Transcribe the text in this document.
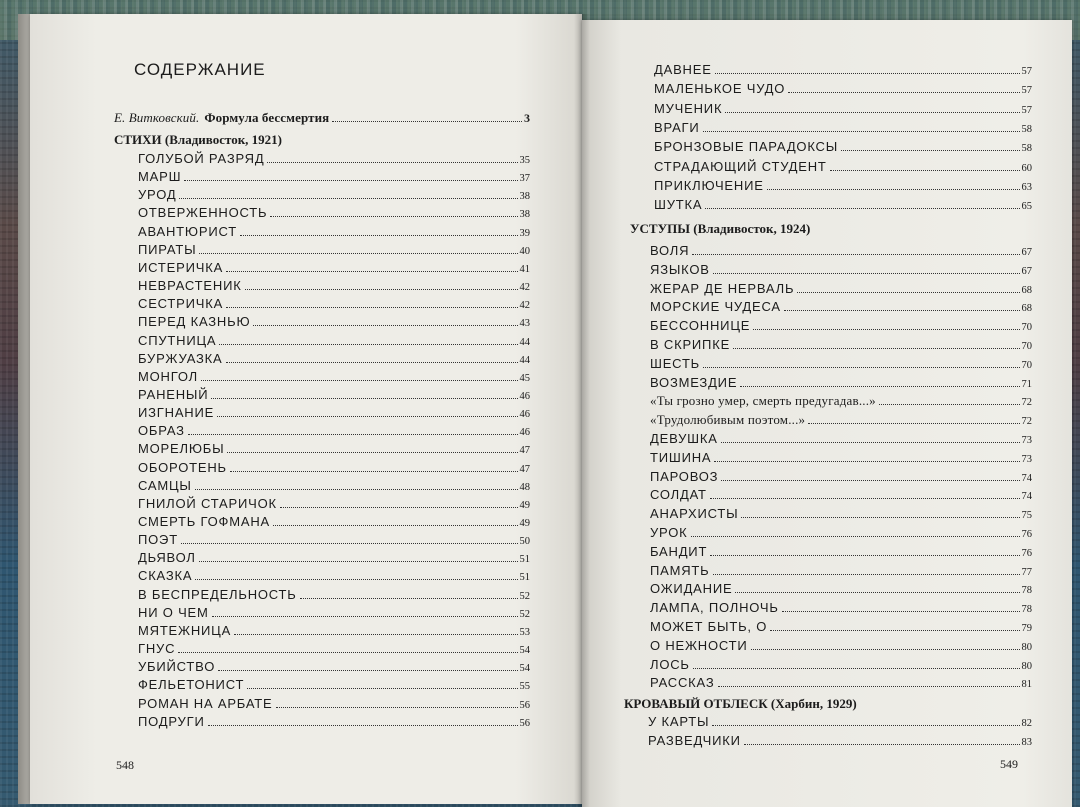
СОДЕРЖАНИЕ
Е. Витковский. Формула бессмертия	3
СТИХИ (Владивосток, 1921)
ГОЛУБОЙ РАЗРЯД	35
МАРШ	37
УРОД	38
ОТВЕРЖЕННОСТЬ	38
АВАНТЮРИСТ	39
ПИРАТЫ	40
ИСТЕРИЧКА	41
НЕВРАСТЕНИК	42
СЕСТРИЧКА	42
ПЕРЕД КАЗНЬЮ	43
СПУТНИЦА	44
БУРЖУАЗКА	44
МОНГОЛ	45
РАНЕНЫЙ	46
ИЗГНАНИЕ	46
ОБРАЗ	46
МОРЕЛЮБЫ	47
ОБОРОТЕНЬ	47
САМЦЫ	48
ГНИЛОЙ СТАРИЧОК	49
СМЕРТЬ ГОФМАНА	49
ПОЭТ	50
ДЬЯВОЛ	51
СКАЗКА	51
В БЕСПРЕДЕЛЬНОСТЬ	52
НИ О ЧЕМ	52
МЯТЕЖНИЦА	53
ГНУС	54
УБИЙСТВО	54
ФЕЛЬЕТОНИСТ	55
РОМАН НА АРБАТЕ	56
ПОДРУГИ	56
548
ДАВНЕЕ	57
МАЛЕНЬКОЕ ЧУДО	57
МУЧЕНИК	57
ВРАГИ	58
БРОНЗОВЫЕ ПАРАДОКСЫ	58
СТРАДАЮЩИЙ СТУДЕНТ	60
ПРИКЛЮЧЕНИЕ	63
ШУТКА	65
УСТУПЫ (Владивосток, 1924)
ВОЛЯ	67
ЯЗЫКОВ	67
ЖЕРАР ДЕ НЕРВАЛЬ	68
МОРСКИЕ ЧУДЕСА	68
БЕССОННИЦЕ	70
В СКРИПКЕ	70
ШЕСТЬ	70
ВОЗМЕЗДИЕ	71
«Ты грозно умер, смерть предугадав...»	72
«Трудолюбивым поэтом...»	72
ДЕВУШКА	73
ТИШИНА	73
ПАРОВОЗ	74
СОЛДАТ	74
АНАРХИСТЫ	75
УРОК	76
БАНДИТ	76
ПАМЯТЬ	77
ОЖИДАНИЕ	78
ЛАМПА, ПОЛНОЧЬ	78
МОЖЕТ БЫТЬ, О	79
О НЕЖНОСТИ	80
ЛОСЬ	80
РАССКАЗ	81
КРОВАВЫЙ ОТБЛЕСК (Харбин, 1929)
У КАРТЫ	82
РАЗВЕДЧИКИ	83
549
